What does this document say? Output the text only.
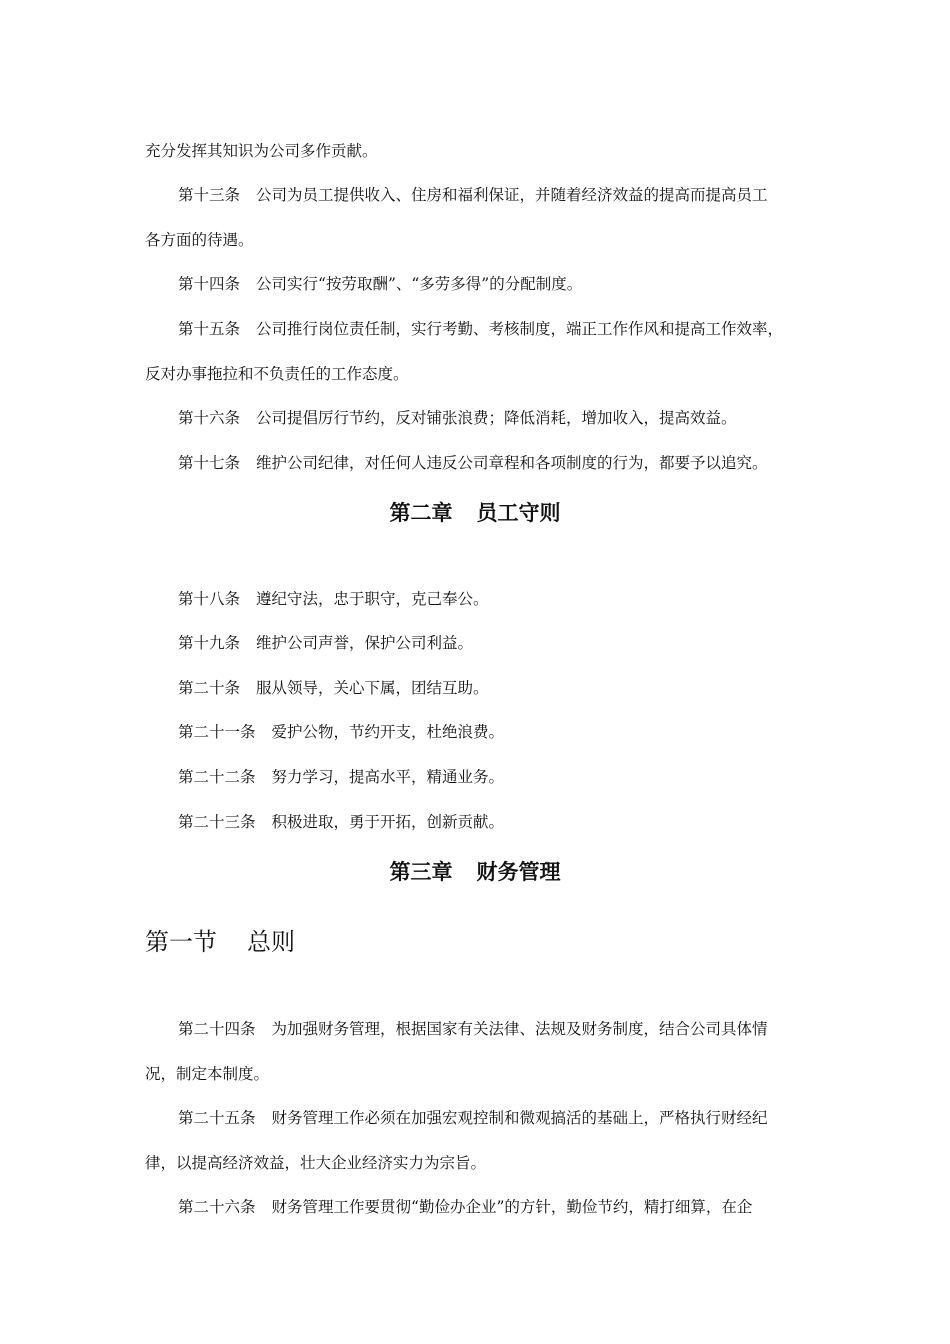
充分发挥其知识为公司多作贡献。
第十三条 公司为员工提供收入、住房和福利保证，并随着经济效益的提高而提高员工
各方面的待遇。
第十四条 公司实行“按劳取酬”、“多劳多得”的分配制度。
第十五条 公司推行岗位责任制，实行考勤、考核制度，端正工作作风和提高工作效率，
反对办事拖拉和不负责任的工作态度。
第十六条 公司提倡厉行节约，反对铺张浪费；降低消耗，增加收入，提高效益。
第十七条 维护公司纪律，对任何人违反公司章程和各项制度的行为，都要予以追究。
第二章 员工守则
第十八条 遵纪守法，忠于职守，克己奉公。
第十九条 维护公司声誉，保护公司利益。
第二十条 服从领导，关心下属，团结互助。
第二十一条 爱护公物，节约开支，杜绝浪费。
第二十二条 努力学习，提高水平，精通业务。
第二十三条 积极进取，勇于开拓，创新贡献。
第三章 财务管理
第一节 总则
第二十四条 为加强财务管理，根据国家有关法律、法规及财务制度，结合公司具体情
况，制定本制度。
第二十五条 财务管理工作必须在加强宏观控制和微观搞活的基础上，严格执行财经纪
律，以提高经济效益，壮大企业经济实力为宗旨。
第二十六条 财务管理工作要贯彻“勤俭办企业”的方针，勤俭节约，精打细算，在企
